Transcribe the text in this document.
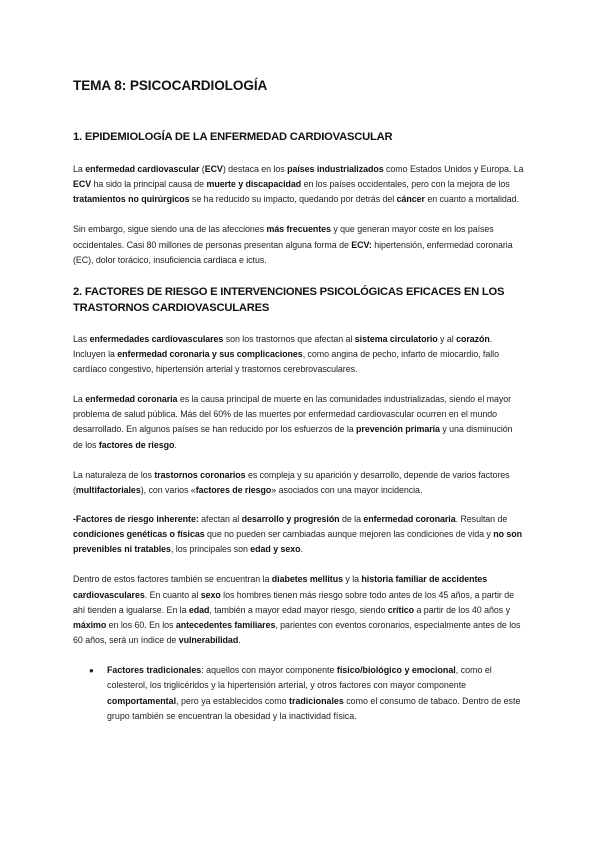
TEMA 8: PSICOCARDIOLOGÍA
1. EPIDEMIOLOGÍA DE LA ENFERMEDAD CARDIOVASCULAR

La enfermedad cardiovascular (ECV) destaca en los países industrializados como Estados Unidos y Europa. La ECV ha sido la principal causa de muerte y discapacidad en los países occidentales, pero con la mejora de los tratamientos no quirúrgicos se ha reducido su impacto, quedando por detrás del cáncer en cuanto a mortalidad.

Sin embargo, sigue siendo una de las afecciones más frecuentes y que generan mayor coste en los países occidentales. Casi 80 millones de personas presentan alguna forma de ECV: hipertensión, enfermedad coronaria (EC), dolor torácico, insuficiencia cardiaca e ictus.

2. FACTORES DE RIESGO E INTERVENCIONES PSICOLÓGICAS EFICACES EN LOS TRASTORNOS CARDIOVASCULARES

Las enfermedades cardiovasculares son los trastornos que afectan al sistema circulatorio y al corazón. Incluyen la enfermedad coronaria y sus complicaciones, como angina de pecho, infarto de miocardio, fallo cardíaco congestivo, hipertensión arterial y trastornos cerebrovasculares.

La enfermedad coronaria es la causa principal de muerte en las comunidades industrializadas, siendo el mayor problema de salud pública. Más del 60% de las muertes por enfermedad cardiovascular ocurren en el mundo desarrollado. En algunos países se han reducido por los esfuerzos de la prevención primaria y una disminución de los factores de riesgo.

La naturaleza de los trastornos coronarios es compleja y su aparición y desarrollo, depende de varios factores (multifactoriales), con varios «factores de riesgo» asociados con una mayor incidencia.

-Factores de riesgo inherente: afectan al desarrollo y progresión de la enfermedad coronaria. Resultan de condiciones genéticas o físicas que no pueden ser cambiadas aunque mejoren las condiciones de vida y no son prevenibles ni tratables, los principales son edad y sexo.

Dentro de estos factores también se encuentran la diabetes mellitus y la historia familiar de accidentes cardiovasculares. En cuanto al sexo los hombres tienen más riesgo sobre todo antes de los 45 años, a partir de ahí tienden a igualarse. En la edad, también a mayor edad mayor riesgo, siendo crítico a partir de los 40 años y máximo en los 60. En los antecedentes familiares, parientes con eventos coronarios, especialmente antes de los 60 años, será un índice de vulnerabilidad.

● Factores tradicionales: aquellos con mayor componente físico/biológico y emocional, como el colesterol, los triglicéridos y la hipertensión arterial, y otros factores con mayor componente comportamental, pero ya establecidos como tradicionales como el consumo de tabaco. Dentro de este grupo también se encuentran la obesidad y la inactividad física.
